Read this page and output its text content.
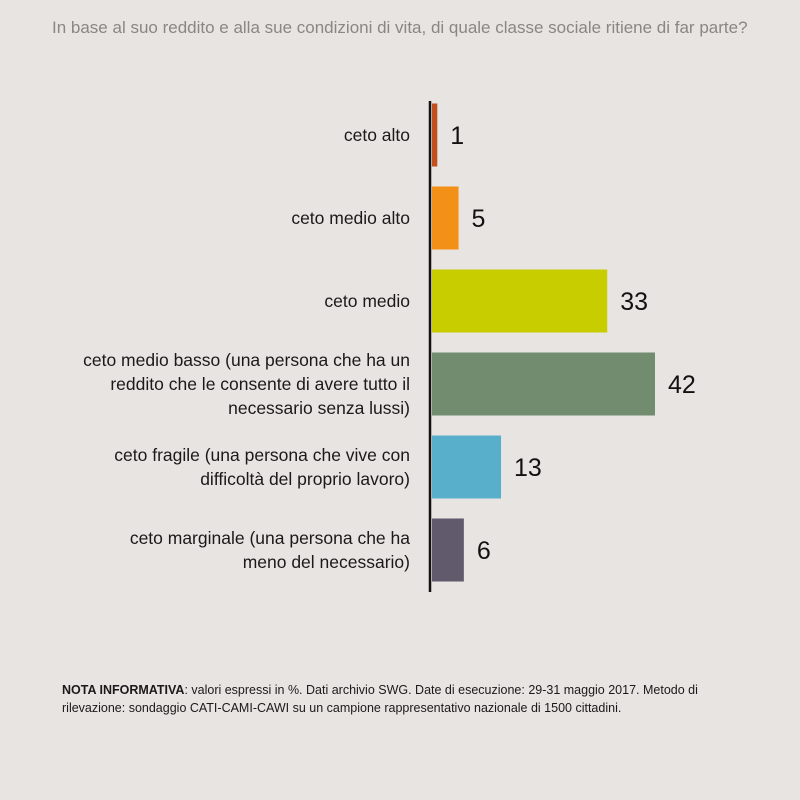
In base al suo reddito e alla sue condizioni di vita, di quale classe sociale ritiene di far parte?
1
5
33
42
13
6
ceto alto
ceto medio alto
ceto medio
ceto medio basso (una persona che ha un
reddito che le consente di avere tutto il
necessario senza lussi)
ceto fragile (una persona che vive con
difficoltà del proprio lavoro)
ceto marginale (una persona che ha
meno del necessario)
NOTA INFORMATIVA: valori espressi in %. Dati archivio SWG. Date di esecuzione: 29-31 maggio 2017. Metodo di rilevazione: sondaggio CATI-CAMI-CAWI su un campione rappresentativo nazionale di 1500 cittadini.
